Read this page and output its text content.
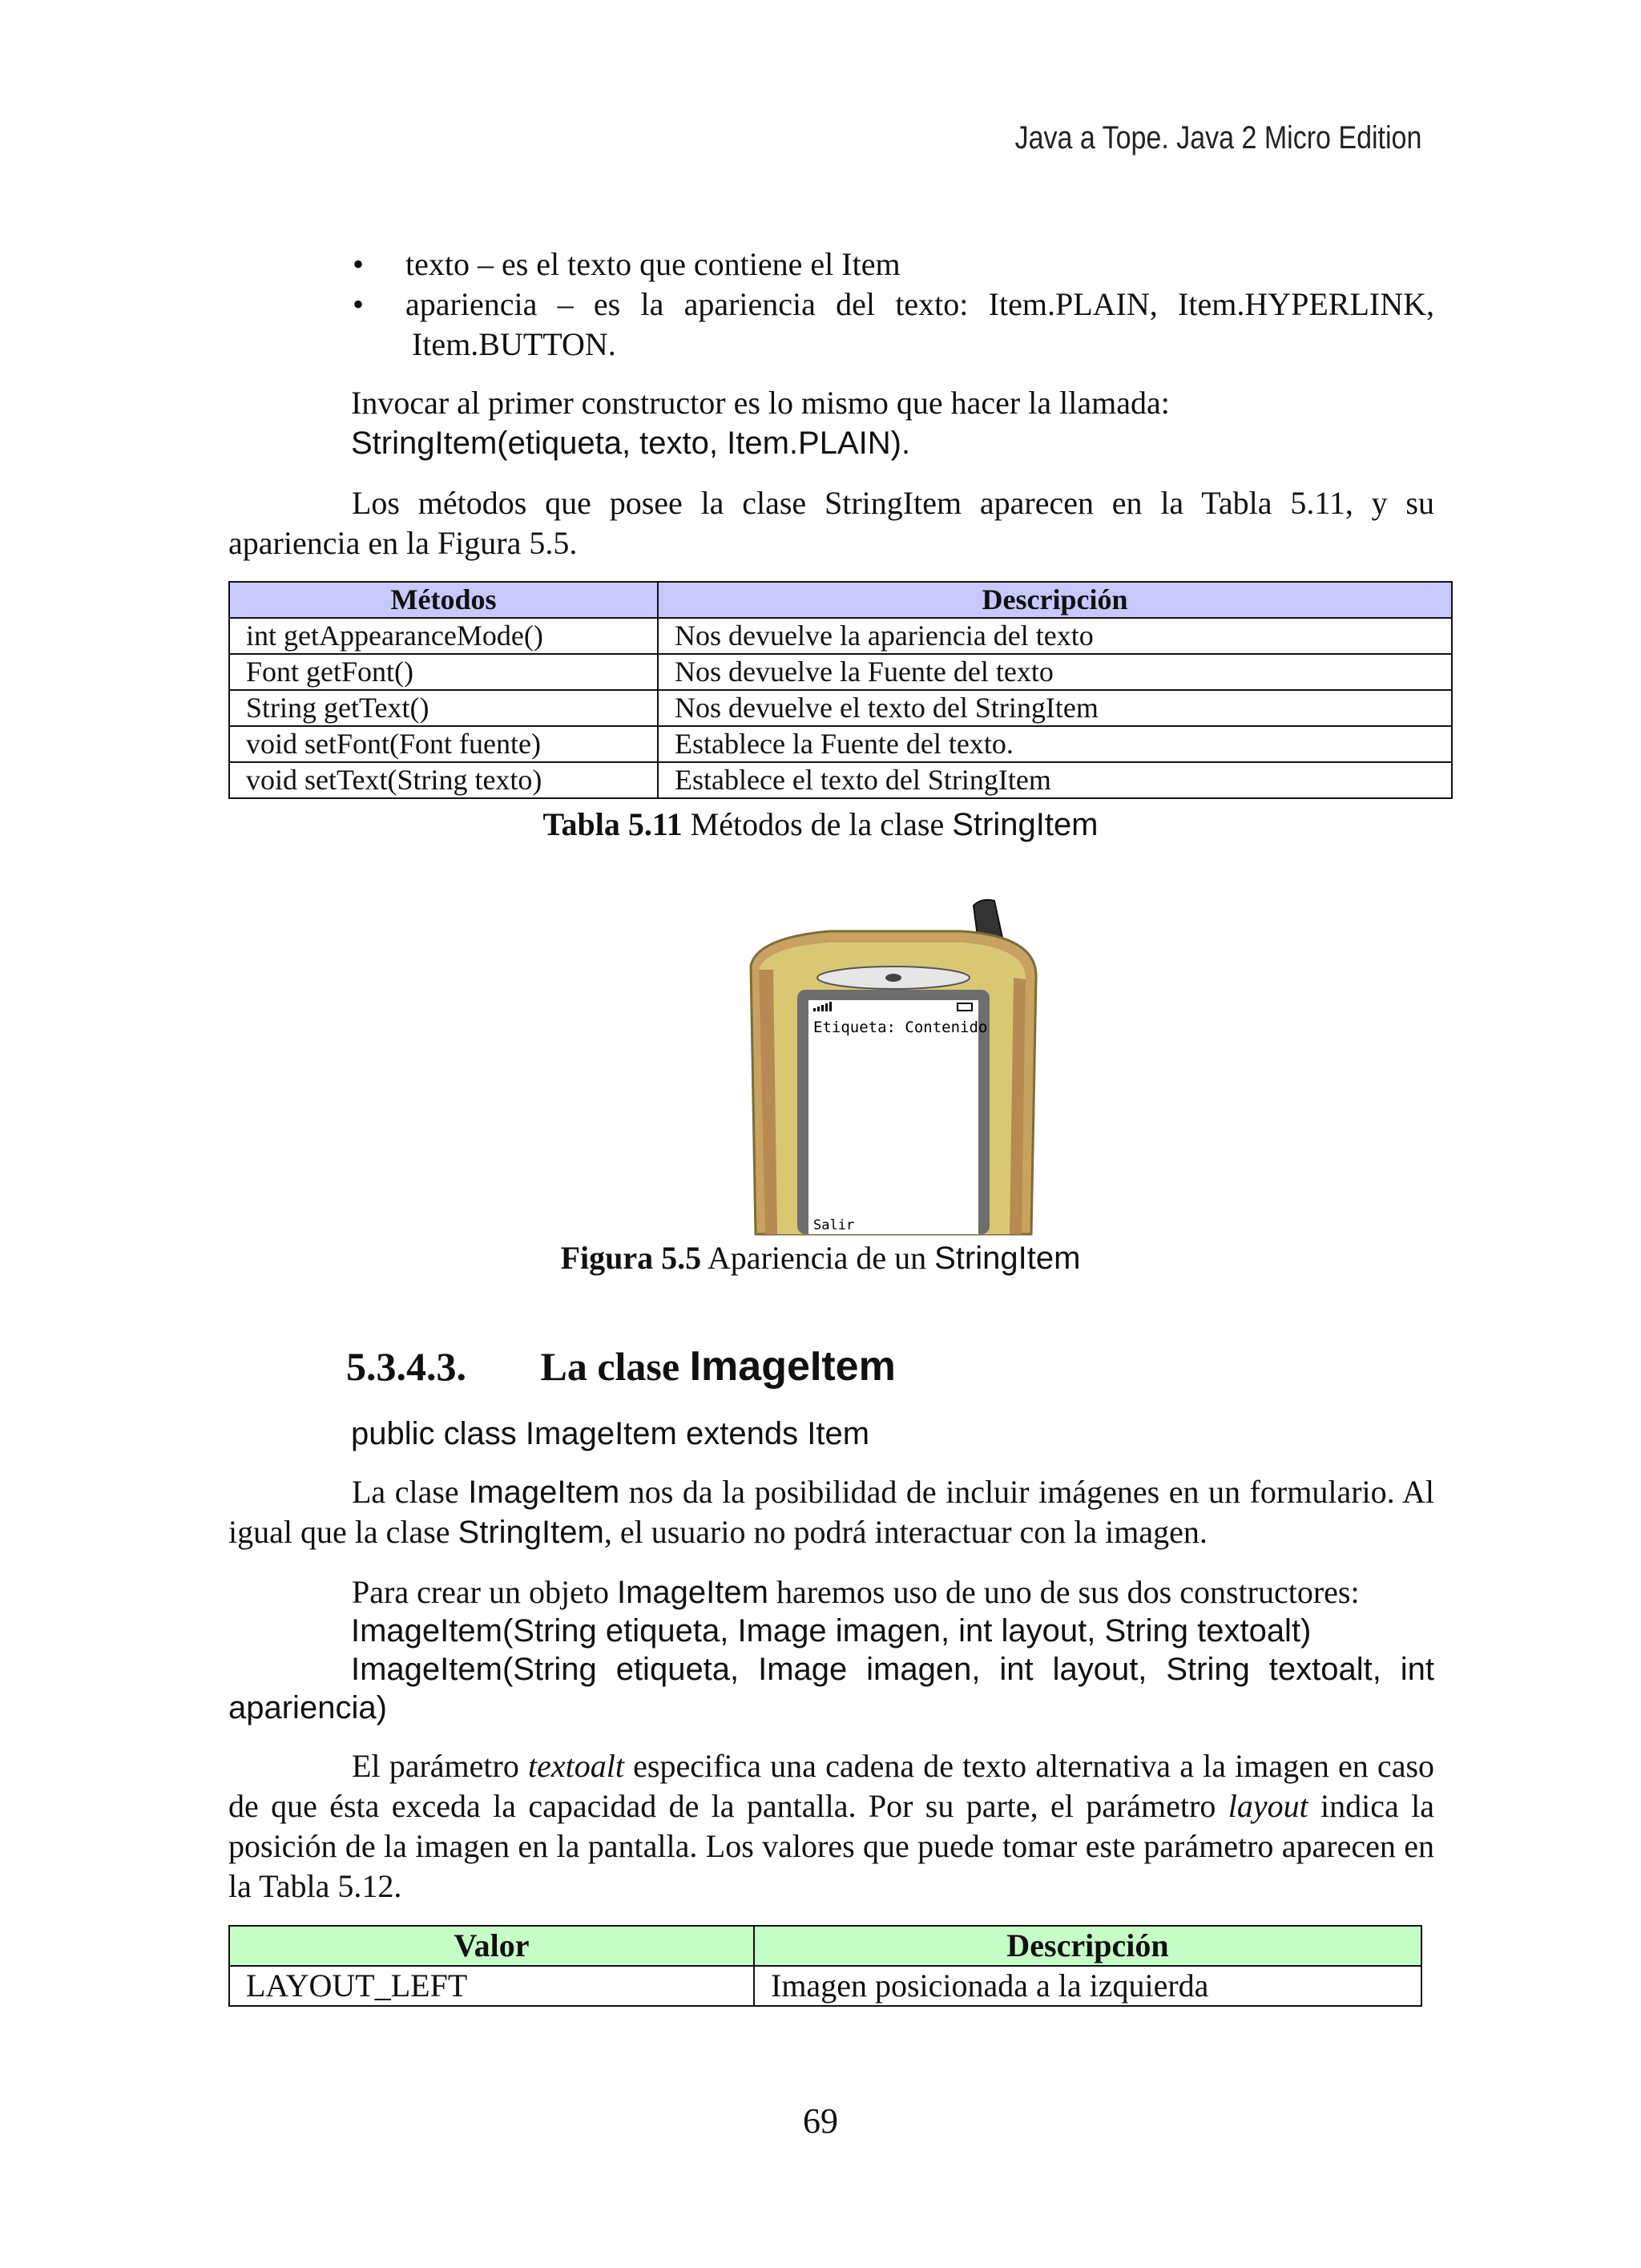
Java a Tope. Java 2 Micro Edition
• texto – es el texto que contiene el Item
• apariencia – es la apariencia del texto: Item.PLAIN, Item.HYPERLINK,
Item.BUTTON.
Invocar al primer constructor es lo mismo que hacer la llamada:
StringItem(etiqueta, texto, Item.PLAIN).
Los métodos que posee la clase StringItem aparecen en la Tabla 5.11, y su apariencia en la Figura 5.5.
Métodos	Descripción
int getAppearanceMode()	Nos devuelve la apariencia del texto
Font getFont()	Nos devuelve la Fuente del texto
String getText()	Nos devuelve el texto del StringItem
void setFont(Font fuente)	Establece la Fuente del texto.
void setText(String texto)	Establece el texto del StringItem
Tabla 5.11 Métodos de la clase StringItem
Etiqueta: Contenido
Salir
Figura 5.5 Apariencia de un StringItem
5.3.4.3. La clase ImageItem
public class ImageItem extends Item
La clase ImageItem nos da la posibilidad de incluir imágenes en un formulario. Al igual que la clase StringItem, el usuario no podrá interactuar con la imagen.
Para crear un objeto ImageItem haremos uso de uno de sus dos constructores:
ImageItem(String etiqueta, Image imagen, int layout, String textoalt)
ImageItem(String etiqueta, Image imagen, int layout, String textoalt, int
apariencia)
El parámetro textoalt especifica una cadena de texto alternativa a la imagen en caso de que ésta exceda la capacidad de la pantalla. Por su parte, el parámetro layout indica la posición de la imagen en la pantalla. Los valores que puede tomar este parámetro aparecen en la Tabla 5.12.
Valor	Descripción
LAYOUT_LEFT	Imagen posicionada a la izquierda
69
